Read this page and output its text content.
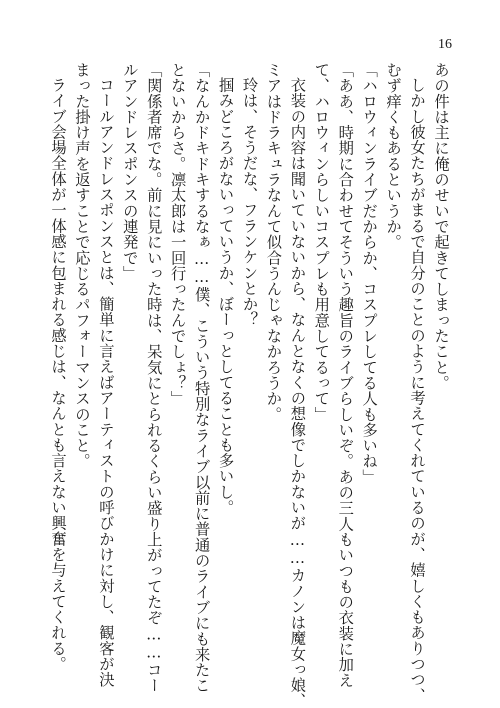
16
あの件は主に俺のせいで起きてしまったこと。
しかし彼女たちがまるで自分のことのように考えてくれているのが、嬉しくもありつつ、
むず痒くもあるというか。
「ハロウィンライブだからか、コスプレしてる人も多いね」
「ああ、時期に合わせてそういう趣旨のライブらしいぞ。あの三人もいつもの衣装に加え
て、ハロウィンらしいコスプレも用意してるって」
衣装の内容は聞いていないから、なんとなくの想像でしかないが……カノンは魔女っ娘、
ミアはドラキュラなんて似合うんじゃなかろうか。
玲は、そうだな、フランケンとか？
掴みどころがないっていうか、ぼーっとしてることも多いし。
「なんかドキドキするなぁ……僕、こういう特別なライブ以前に普通のライブにも来たこ
とないからさ。凛太郎は一回行ったんでしょ？」
「関係者席でな。前に見にいった時は、呆気にとられるくらい盛り上がってたぞ……コー
ルアンドレスポンスの連発で」
コールアンドレスポンスとは、簡単に言えばアーティストの呼びかけに対し、観客が決
まった掛け声を返すことで応じるパフォーマンスのこと。
ライブ会場全体が一体感に包まれる感じは、なんとも言えない興奮を与えてくれる。
